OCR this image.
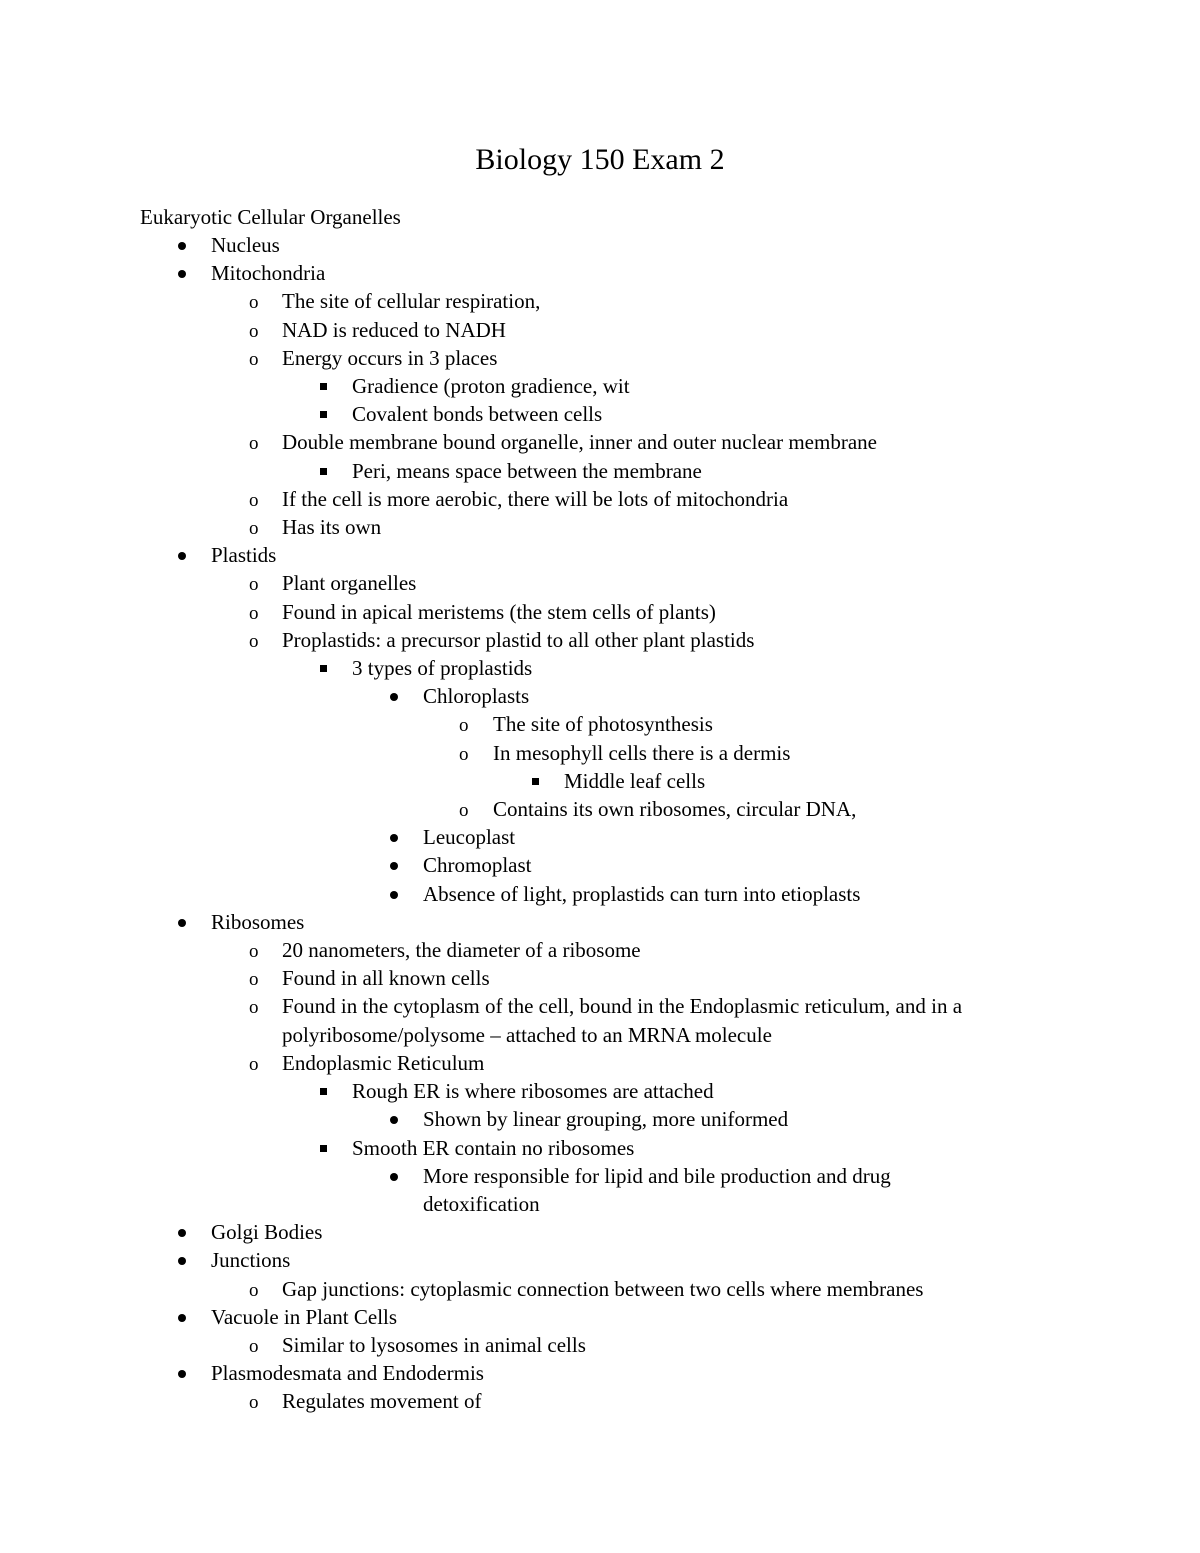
Biology 150 Exam 2
Eukaryotic Cellular Organelles
Nucleus
Mitochondria
o The site of cellular respiration,
o NAD is reduced to NADH
o Energy occurs in 3 places
Gradience (proton gradience, wit
Covalent bonds between cells
o Double membrane bound organelle, inner and outer nuclear membrane
Peri, means space between the membrane
o If the cell is more aerobic, there will be lots of mitochondria
o Has its own
Plastids
o Plant organelles
o Found in apical meristems (the stem cells of plants)
o Proplastids: a precursor plastid to all other plant plastids
3 types of proplastids
Chloroplasts
o The site of photosynthesis
o In mesophyll cells there is a dermis
Middle leaf cells
o Contains its own ribosomes, circular DNA,
Leucoplast
Chromoplast
Absence of light, proplastids can turn into etioplasts
Ribosomes
o 20 nanometers, the diameter of a ribosome
o Found in all known cells
o Found in the cytoplasm of the cell, bound in the Endoplasmic reticulum, and in a polyribosome/polysome – attached to an MRNA molecule
o Endoplasmic Reticulum
Rough ER is where ribosomes are attached
Shown by linear grouping, more uniformed
Smooth ER contain no ribosomes
More responsible for lipid and bile production and drug detoxification
Golgi Bodies
Junctions
o Gap junctions: cytoplasmic connection between two cells where membranes
Vacuole in Plant Cells
o Similar to lysosomes in animal cells
Plasmodesmata and Endodermis
o Regulates movement of
